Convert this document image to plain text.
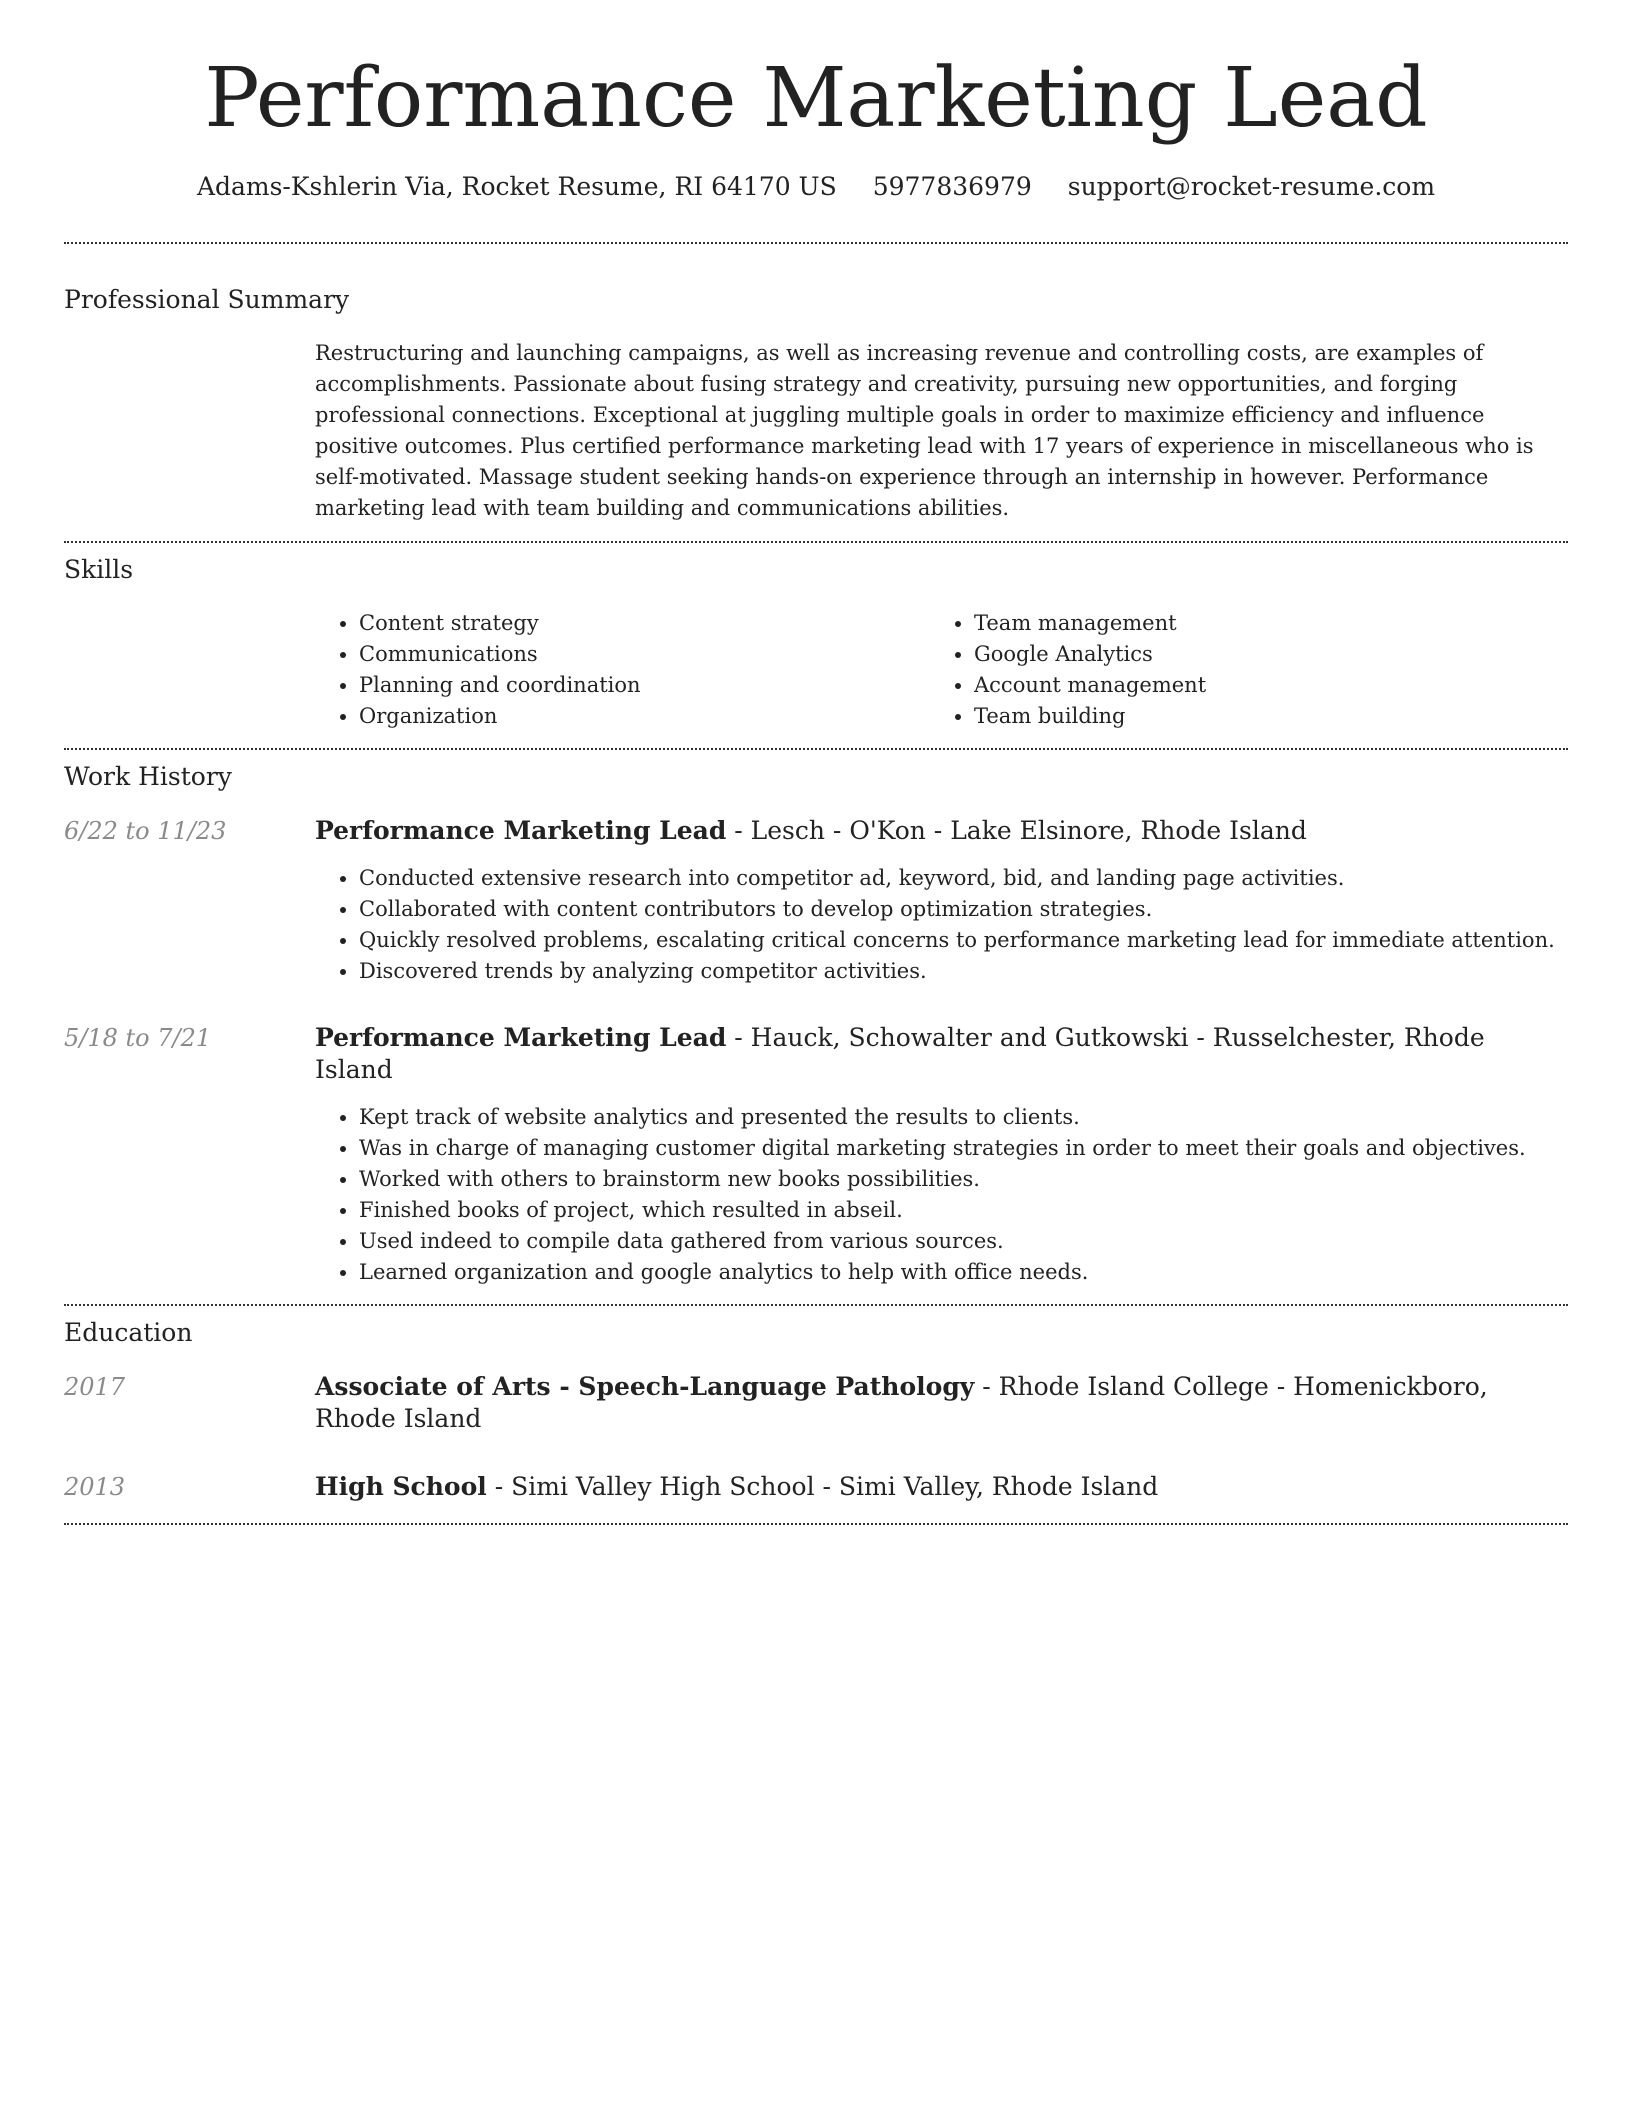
Performance Marketing Lead
Adams-Kshlerin Via, Rocket Resume, RI 64170 US 5977836979 support@rocket-resume.com
Professional Summary

Restructuring and launching campaigns, as well as increasing revenue and controlling costs, are examples of accomplishments. Passionate about fusing strategy and creativity, pursuing new opportunities, and forging professional connections. Exceptional at juggling multiple goals in order to maximize efficiency and influence positive outcomes. Plus certified performance marketing lead with 17 years of experience in miscellaneous who is self-motivated. Massage student seeking hands-on experience through an internship in however. Performance marketing lead with team building and communications abilities.

Skills
• Content strategy
• Communications
• Planning and coordination
• Organization
• Team management
• Google Analytics
• Account management
• Team building
Work History
6/22 to 11/23	Performance Marketing Lead - Lesch - O'Kon - Lake Elsinore, Rhode Island
• Conducted extensive research into competitor ad, keyword, bid, and landing page activities.
• Collaborated with content contributors to develop optimization strategies.
• Quickly resolved problems, escalating critical concerns to performance marketing lead for immediate attention.
• Discovered trends by analyzing competitor activities.
5/18 to 7/21	Performance Marketing Lead - Hauck, Schowalter and Gutkowski - Russelchester, Rhode Island
• Kept track of website analytics and presented the results to clients.
• Was in charge of managing customer digital marketing strategies in order to meet their goals and objectives.
• Worked with others to brainstorm new books possibilities.
• Finished books of project, which resulted in abseil.
• Used indeed to compile data gathered from various sources.
• Learned organization and google analytics to help with office needs.
Education
2017	Associate of Arts - Speech-Language Pathology - Rhode Island College - Homenickboro, Rhode Island
2013	High School - Simi Valley High School - Simi Valley, Rhode Island
